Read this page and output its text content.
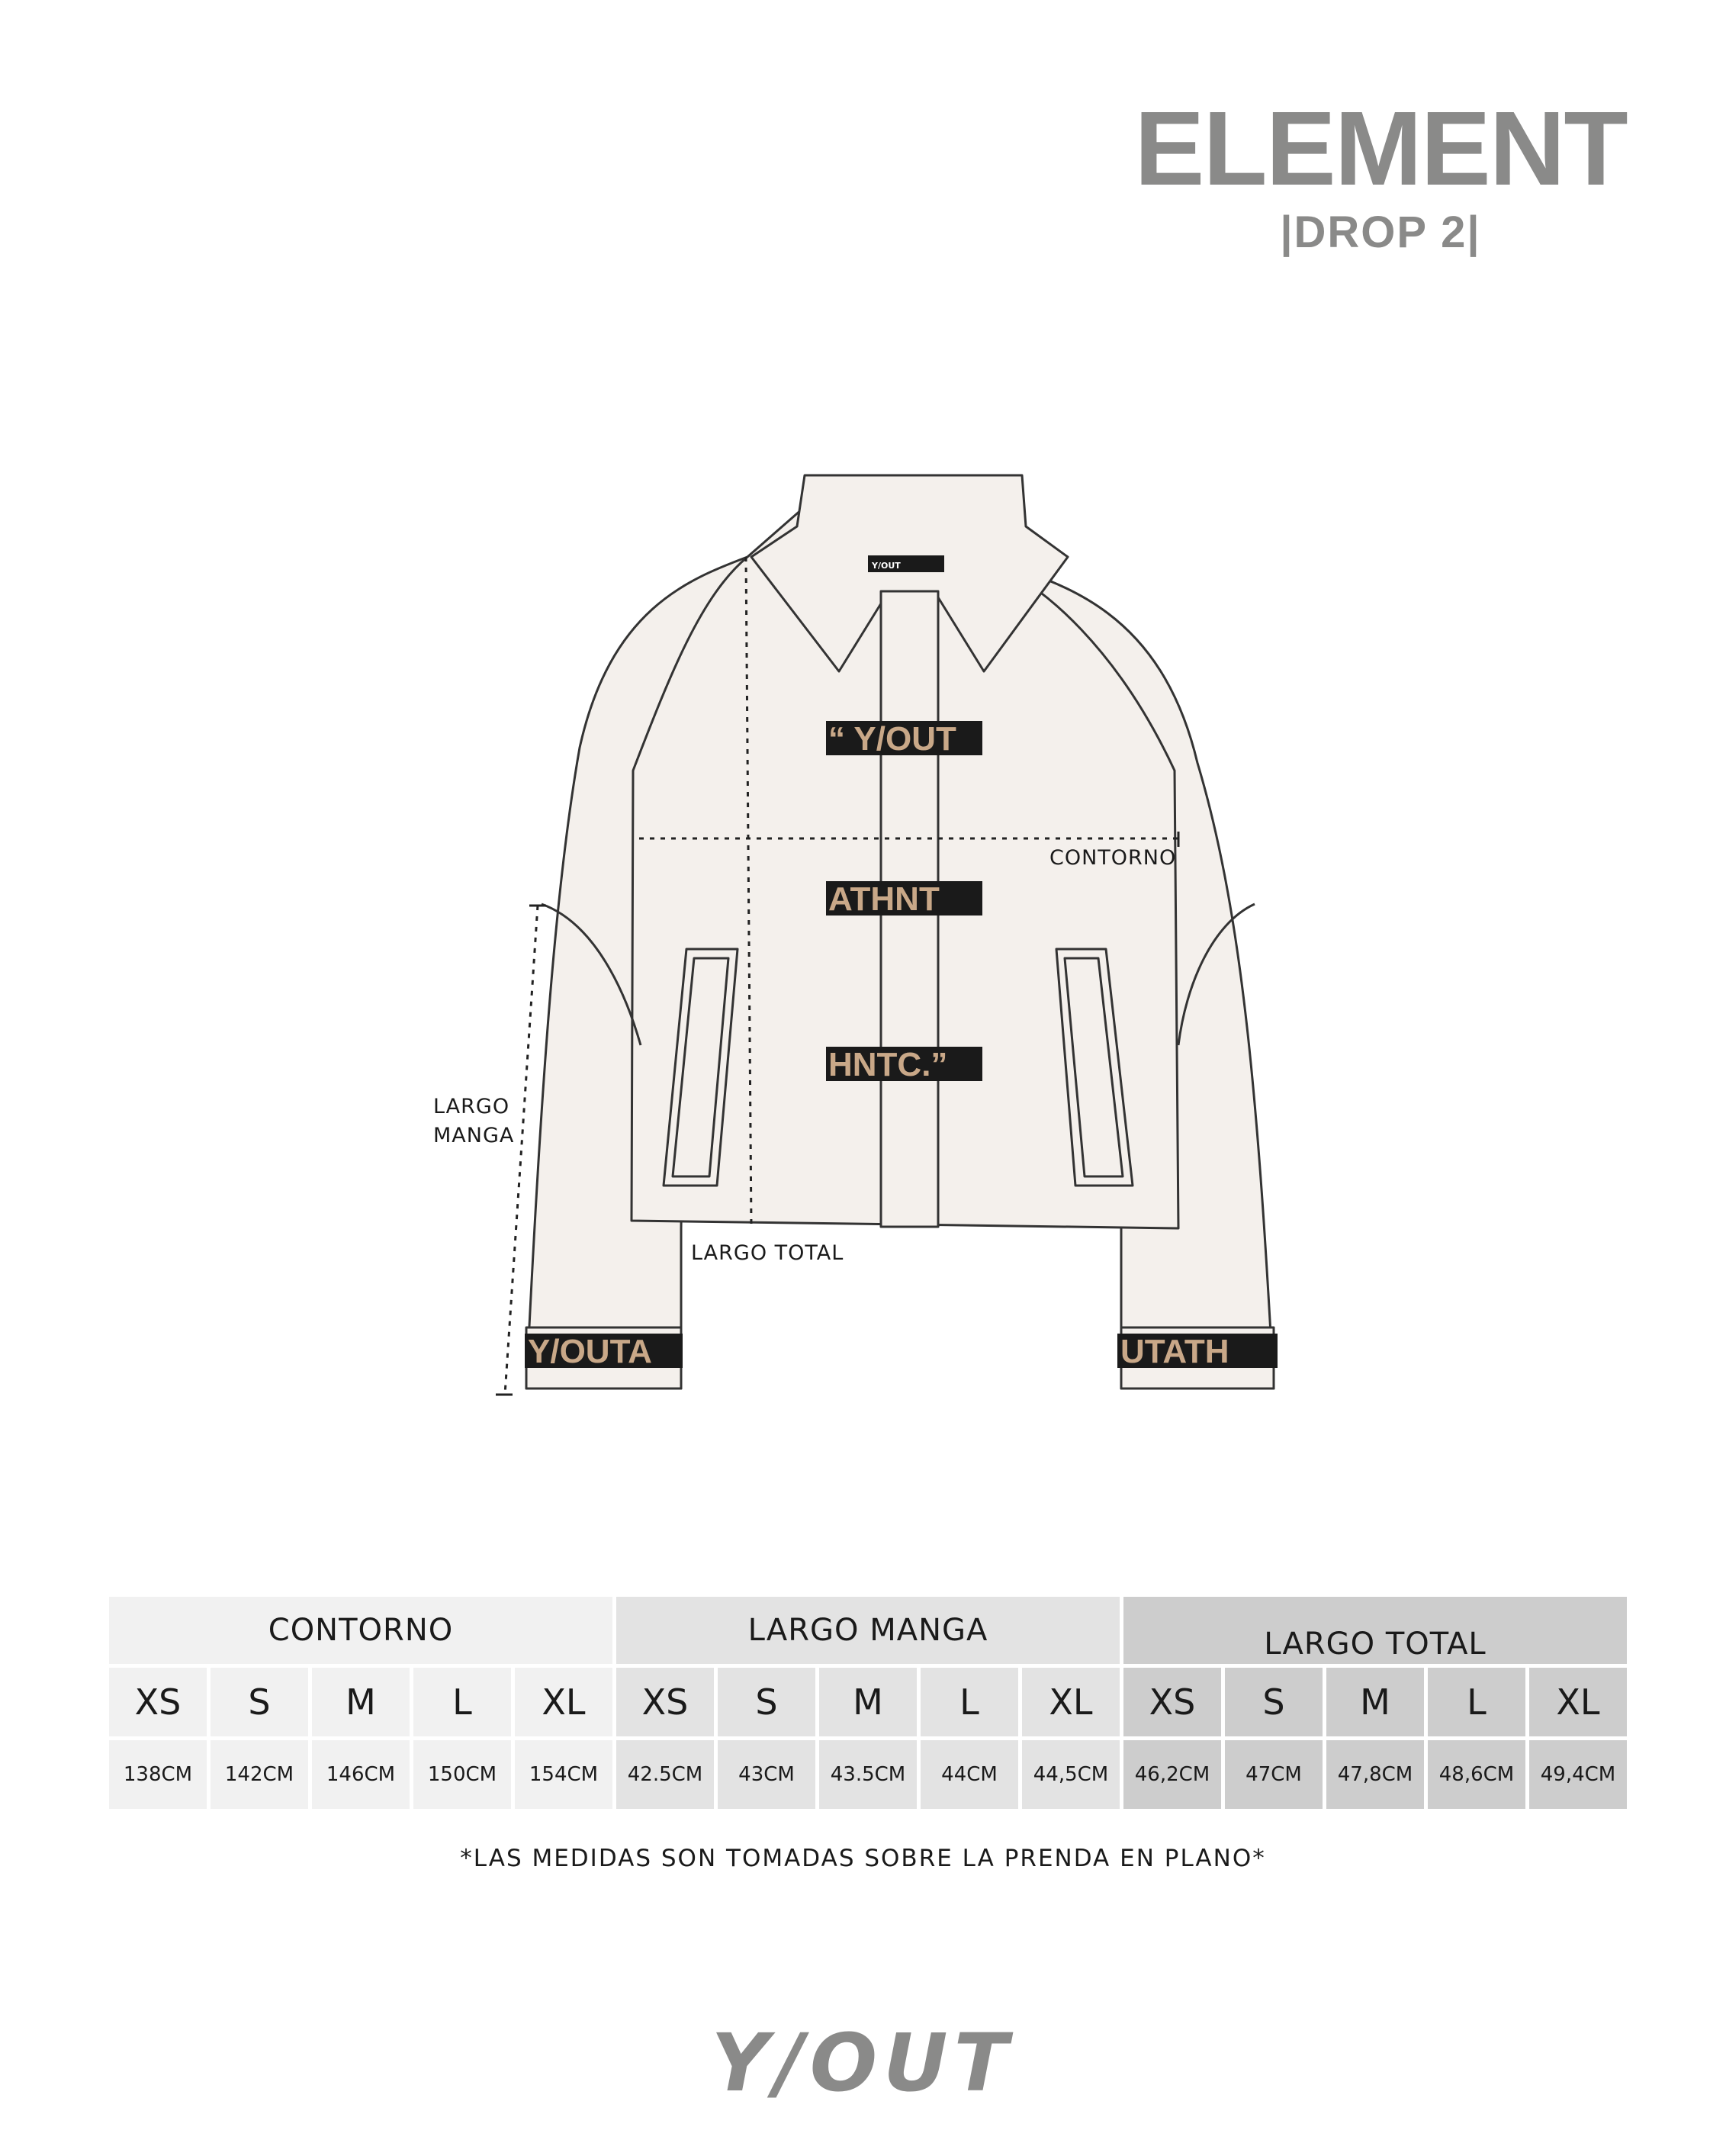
ELEMENT
|DROP 2|
Y/OUT
“ Y/OUT
ATHNT
HNTC.”
Y/OUTA	UTATH
CONTORNO
LARGO
MANGA
LARGO TOTAL
CONTORNO					LARGO MANGA					LARGO TOTAL				
XS	S	M	L	XL	XS	S	M	L	XL	XS	S	M	L	XL
138CM	142CM	146CM	150CM	154CM	42.5CM	43CM	43.5CM	44CM	44,5CM	46,2CM	47CM	47,8CM	48,6CM	49,4CM
*LAS MEDIDAS SON TOMADAS SOBRE LA PRENDA EN PLANO*
Y/OUT
